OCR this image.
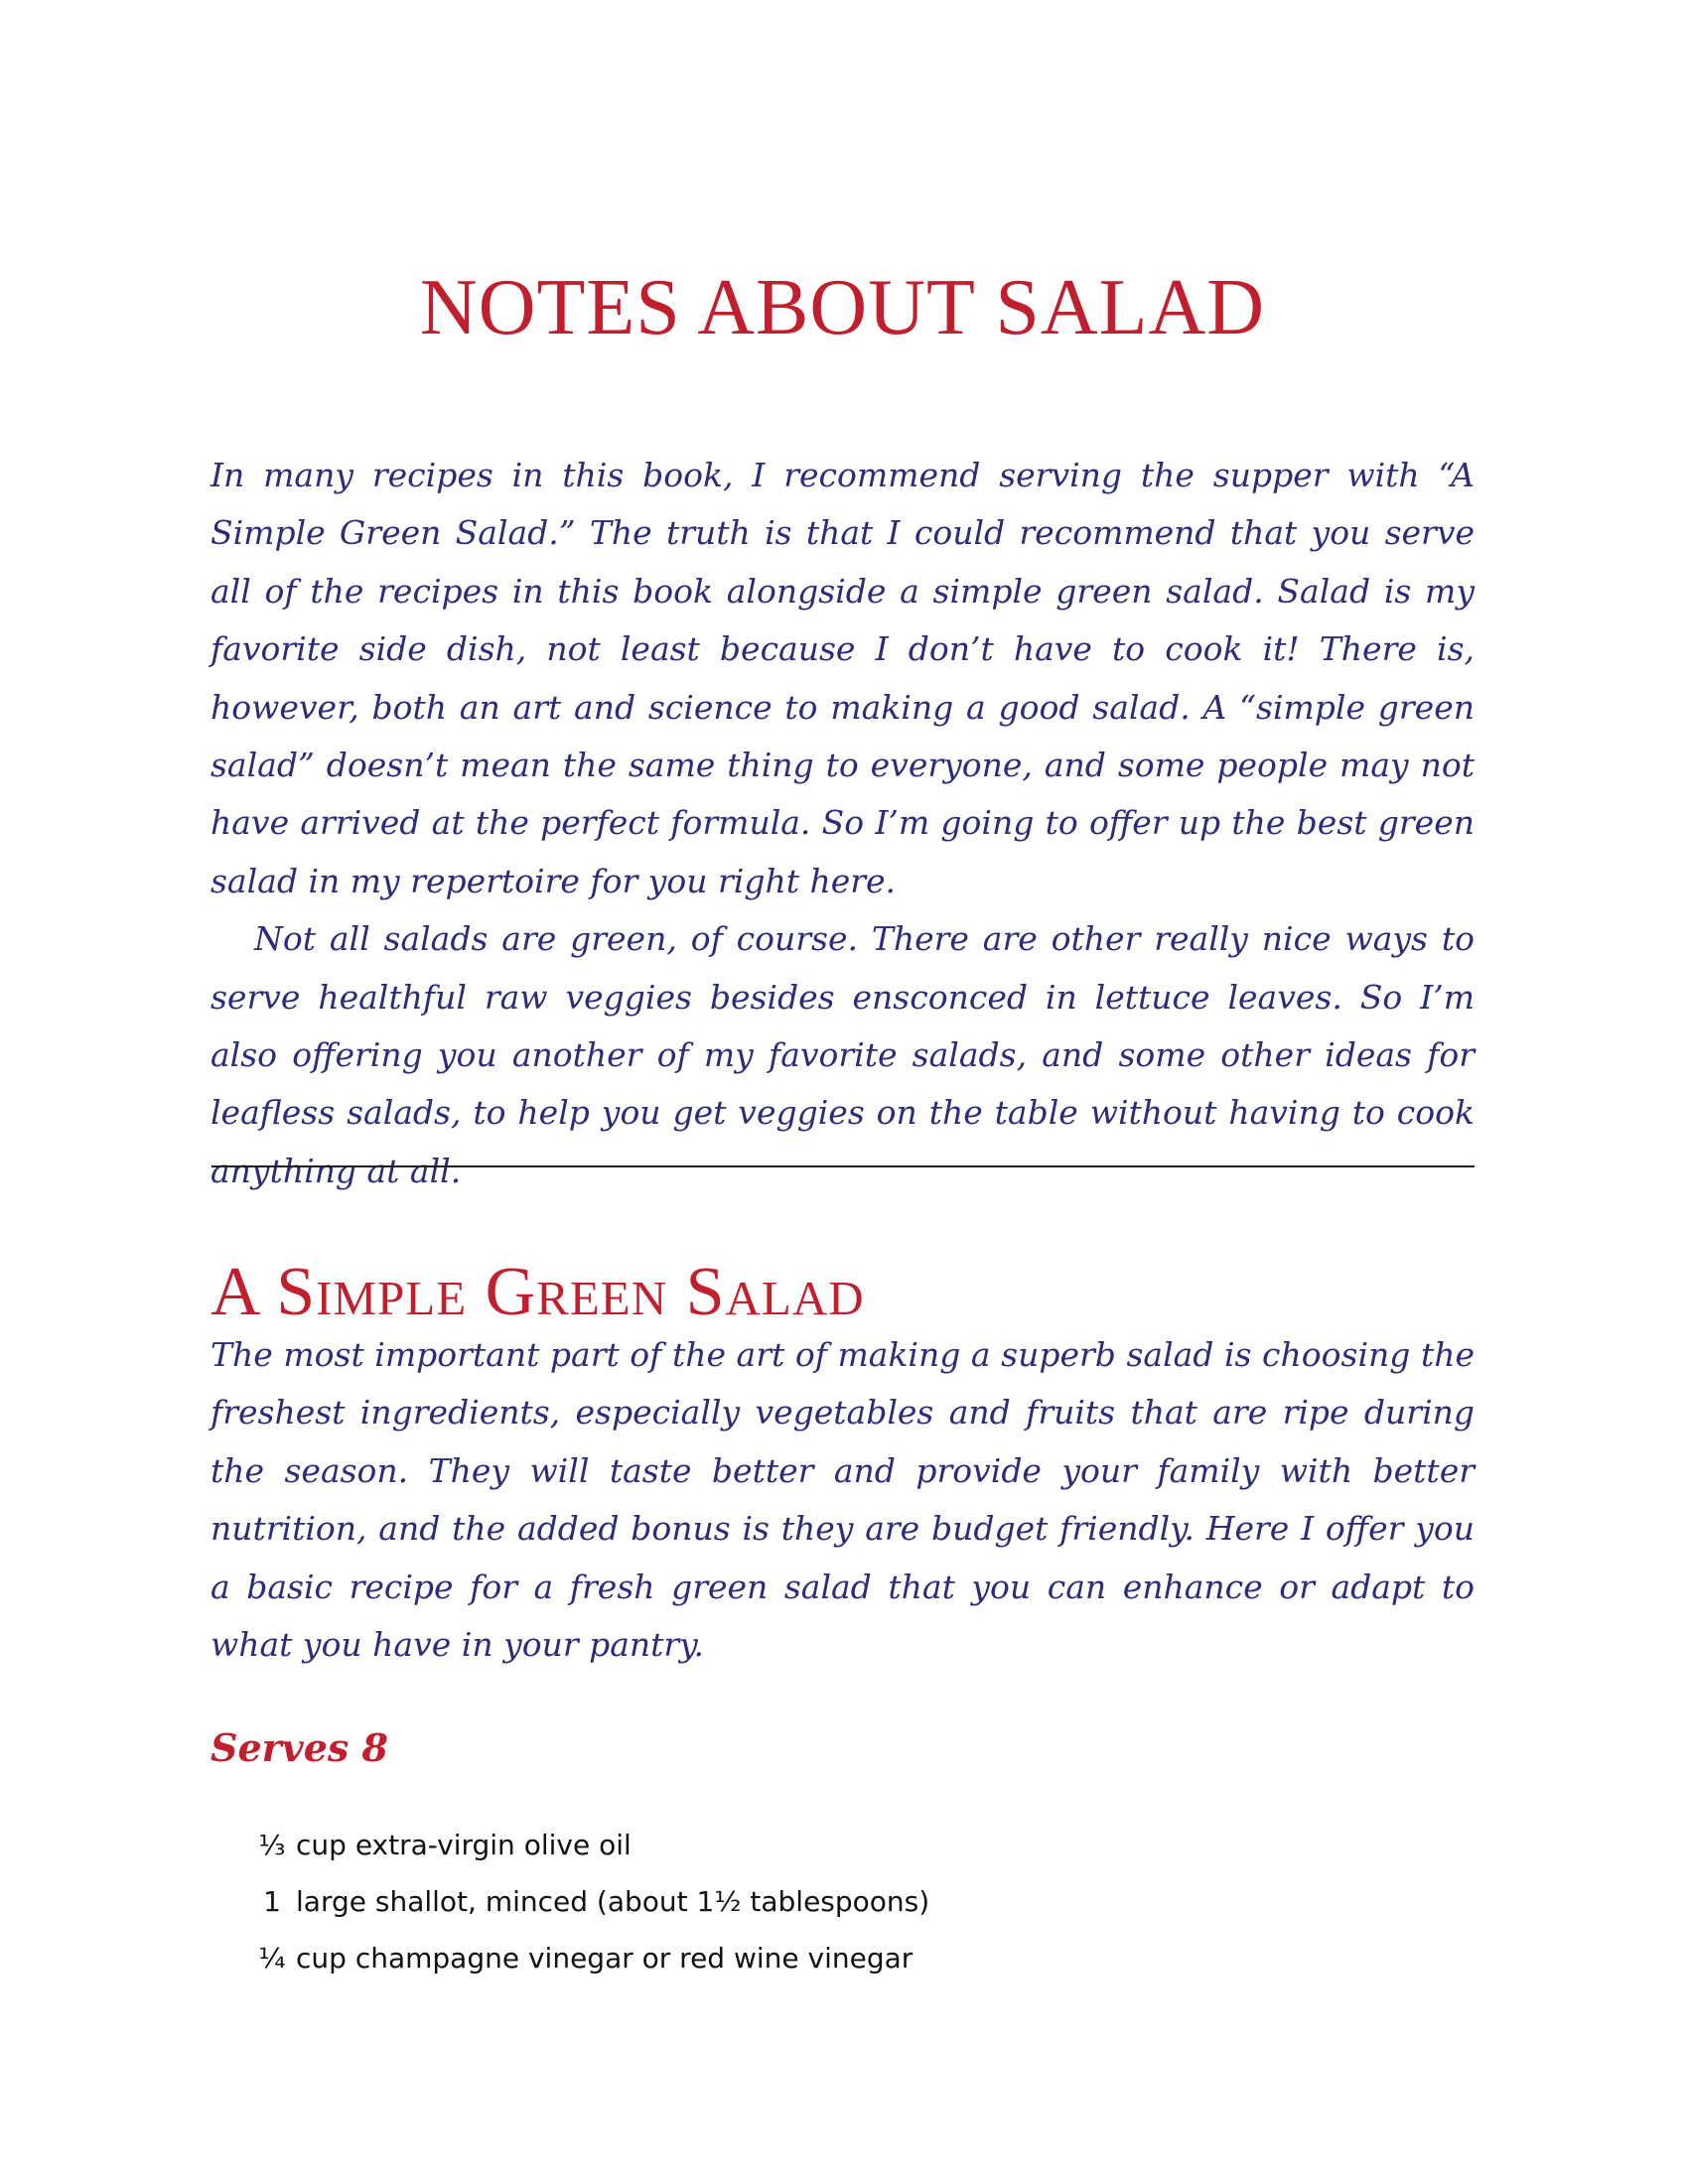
NOTES ABOUT SALAD

In many recipes in this book, I recommend serving the supper with “A Simple Green Salad.” The truth is that I could recommend that you serve all of the recipes in this book alongside a simple green salad. Salad is my favorite side dish, not least because I don’t have to cook it! There is, however, both an art and science to making a good salad. A “simple green salad” doesn’t mean the same thing to everyone, and some people may not have arrived at the perfect formula. So I’m going to offer up the best green salad in my repertoire for you right here.

Not all salads are green, of course. There are other really nice ways to serve healthful raw veggies besides ensconced in lettuce leaves. So I’m also offering you another of my favorite salads, and some other ideas for leafless salads, to help you get veggies on the table without having to cook anything at all.

A Simple Green Salad

The most important part of the art of making a superb salad is choosing the freshest ingredients, especially vegetables and fruits that are ripe during the season. They will taste better and provide your family with better nutrition, and the added bonus is they are budget friendly. Here I offer you a basic recipe for a fresh green salad that you can enhance or adapt to what you have in your pantry.

Serves 8
⅓ cup extra-virgin olive oil
1 large shallot, minced (about 1½ tablespoons)
¼ cup champagne vinegar or red wine vinegar
